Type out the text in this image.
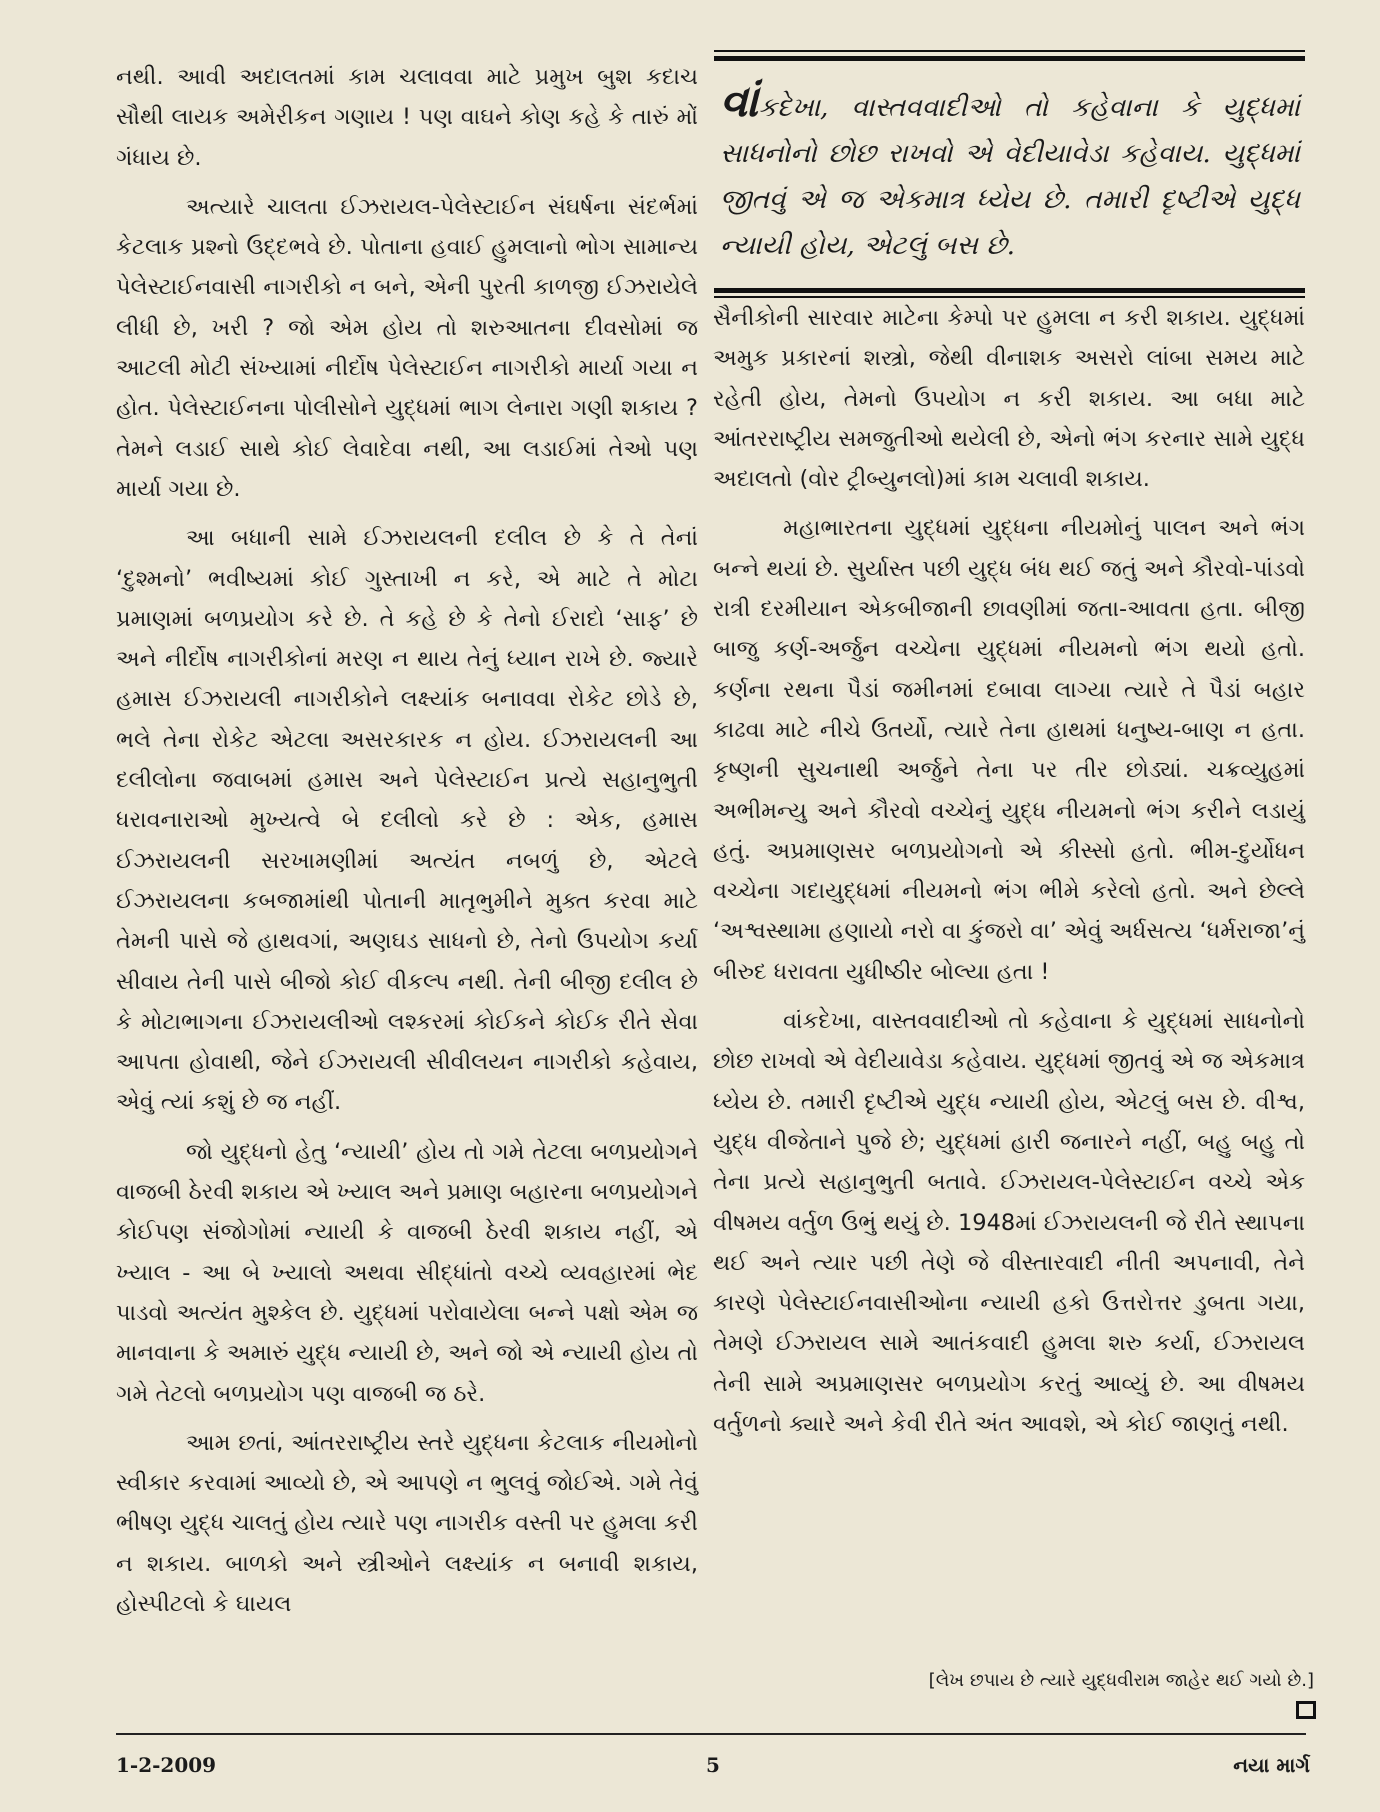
નથી. આવી અદાલતમાં કામ ચલાવવા માટે પ્રમુખ બુશ કદાચ સૌથી લાયક અમેરીકન ગણાય ! પણ વાઘને કોણ કહે કે તારું મોં ગંધાય છે.

અત્યારે ચાલતા ઈઝરાયલ-પેલેસ્ટાઈન સંઘર્ષના સંદર્ભમાં કેટલાક પ્રશ્નો ઉદ્દભવે છે. પોતાના હવાઈ હુમલાનો ભોગ સામાન્ય પેલેસ્ટાઈનવાસી નાગરીકો ન બને, એની પુરતી કાળજી ઈઝરાયેલે લીધી છે, ખરી ? જો એમ હોય તો શરુઆતના દીવસોમાં જ આટલી મોટી સંખ્યામાં નીર્દોષ પેલેસ્ટાઈન નાગરીકો માર્યા ગયા ન હોત. પેલેસ્ટાઈનના પોલીસોને યુદ્ધમાં ભાગ લેનારા ગણી શકાય ? તેમને લડાઈ સાથે કોઈ લેવાદેવા નથી, આ લડાઈમાં તેઓ પણ માર્યા ગયા છે.

આ બધાની સામે ઈઝરાયલની દલીલ છે કે તે તેનાં ‘દુશ્મનો’ ભવીષ્યમાં કોઈ ગુસ્તાખી ન કરે, એ માટે તે મોટા પ્રમાણમાં બળપ્રયોગ કરે છે. તે કહે છે કે તેનો ઈરાદો ‘સાફ’ છે અને નીર્દોષ નાગરીકોનાં મરણ ન થાય તેનું ધ્યાન રાખે છે. જ્યારે હમાસ ઈઝરાયલી નાગરીકોને લક્ષ્યાંક બનાવવા રોકેટ છોડે છે, ભલે તેના રોકેટ એટલા અસરકારક ન હોય. ઈઝરાયલની આ દલીલોના જવાબમાં હમાસ અને પેલેસ્ટાઈન પ્રત્યે સહાનુભુતી ધરાવનારાઓ મુખ્યત્વે બે દલીલો કરે છે : એક, હમાસ ઈઝરાયલની સરખામણીમાં અત્યંત નબળું છે, એટલે ઈઝરાયલના કબજામાંથી પોતાની માતૃભુમીને મુક્ત કરવા માટે તેમની પાસે જે હાથવગાં, અણઘડ સાધનો છે, તેનો ઉપયોગ કર્યા સીવાય તેની પાસે બીજો કોઈ વીકલ્પ નથી. તેની બીજી દલીલ છે કે મોટાભાગના ઈઝરાયલીઓ લશ્કરમાં કોઈકને કોઈક રીતે સેવા આપતા હોવાથી, જેને ઈઝરાયલી સીવીલયન નાગરીકો કહેવાય, એવું ત્યાં કશું છે જ નહીં.

જો યુદ્ધનો હેતુ ‘ન્યાયી’ હોય તો ગમે તેટલા બળપ્રયોગને વાજબી ઠેરવી શકાય એ ખ્યાલ અને પ્રમાણ બહારના બળપ્રયોગને કોઈપણ સંજોગોમાં ન્યાયી કે વાજબી ઠેરવી શકાય નહીં, એ ખ્યાલ - આ બે ખ્યાલો અથવા સીદ્ધાંતો વચ્ચે વ્યવહારમાં ભેદ પાડવો અત્યંત મુશ્કેલ છે. યુદ્ધમાં પરોવાયેલા બન્ને પક્ષો એમ જ માનવાના કે અમારું યુદ્ધ ન્યાયી છે, અને જો એ ન્યાયી હોય તો ગમે તેટલો બળપ્રયોગ પણ વાજબી જ ઠરે.

આમ છતાં, આંતરરાષ્ટ્રીય સ્તરે યુદ્ધના કેટલાક નીયમોનો સ્વીકાર કરવામાં આવ્યો છે, એ આપણે ન ભુલવું જોઈએ. ગમે તેવું ભીષણ યુદ્ધ ચાલતું હોય ત્યારે પણ નાગરીક વસ્તી પર હુમલા કરી ન શકાય. બાળકો અને સ્ત્રીઓને લક્ષ્યાંક ન બનાવી શકાય, હોસ્પીટલો કે ઘાયલ

વાંકદેખા, વાસ્તવવાદીઓ તો કહેવાના કે યુદ્ધમાં સાધનોનો છોછ રાખવો એ વેદીયાવેડા કહેવાય. યુદ્ધમાં જીતવું એ જ એકમાત્ર ધ્યેય છે. તમારી દૃષ્ટીએ યુદ્ધ ન્યાયી હોય, એટલું બસ છે.

સૈનીકોની સારવાર માટેના કેમ્પો પર હુમલા ન કરી શકાય. યુદ્ધમાં અમુક પ્રકારનાં શસ્ત્રો, જેથી વીનાશક અસરો લાંબા સમય માટે રહેતી હોય, તેમનો ઉપયોગ ન કરી શકાય. આ બધા માટે આંતરરાષ્ટ્રીય સમજુતીઓ થયેલી છે, એનો ભંગ કરનાર સામે યુદ્ધ અદાલતો (વોર ટ્રીબ્યુનલો)માં કામ ચલાવી શકાય.

મહાભારતના યુદ્ધમાં યુદ્ધના નીયમોનું પાલન અને ભંગ બન્ને થયાં છે. સુર્યાસ્ત પછી યુદ્ધ બંધ થઈ જતું અને કૌરવો-પાંડવો રાત્રી દરમીયાન એકબીજાની છાવણીમાં જતા-આવતા હતા. બીજી બાજુ કર્ણ-અર્જુન વચ્ચેના યુદ્ધમાં નીયમનો ભંગ થયો હતો. કર્ણના રથના પૈડાં જમીનમાં દબાવા લાગ્યા ત્યારે તે પૈડાં બહાર કાઢવા માટે નીચે ઉતર્યો, ત્યારે તેના હાથમાં ધનુષ્ય-બાણ ન હતા. કૃષ્ણની સુચનાથી અર્જુને તેના પર તીર છોડ્યાં. ચક્રવ્યુહમાં અભીમન્યુ અને કૌરવો વચ્ચેનું યુદ્ધ નીયમનો ભંગ કરીને લડાયું હતું. અપ્રમાણસર બળપ્રયોગનો એ કીસ્સો હતો. ભીમ-દુર્યોધન વચ્ચેના ગદાયુદ્ધમાં નીયમનો ભંગ ભીમે કરેલો હતો. અને છેલ્લે ‘અશ્વસ્થામા હણાયો નરો વા કુંજરો વા’ એવું અર્ધસત્ય ‘ધર્મરાજા’નું બીરુદ ધરાવતા યુધીષ્ઠીર બોલ્યા હતા !

વાંકદેખા, વાસ્તવવાદીઓ તો કહેવાના કે યુદ્ધમાં સાધનોનો છોછ રાખવો એ વેદીયાવેડા કહેવાય. યુદ્ધમાં જીતવું એ જ એકમાત્ર ધ્યેય છે. તમારી દૃષ્ટીએ યુદ્ધ ન્યાયી હોય, એટલું બસ છે. વીશ્વ, યુદ્ધ વીજેતાને પુજે છે; યુદ્ધમાં હારી જનારને નહીં, બહુ બહુ તો તેના પ્રત્યે સહાનુભુતી બતાવે. ઈઝરાયલ-પેલેસ્ટાઈન વચ્ચે એક વીષમય વર્તુળ ઉભું થયું છે. 1948માં ઈઝરાયલની જે રીતે સ્થાપના થઈ અને ત્યાર પછી તેણે જે વીસ્તારવાદી નીતી અપનાવી, તેને કારણે પેલેસ્ટાઈનવાસીઓના ન્યાયી હકો ઉત્તરોત્તર ડુબતા ગયા, તેમણે ઈઝરાયલ સામે આતંકવાદી હુમલા શરુ કર્યા, ઈઝરાયલ તેની સામે અપ્રમાણસર બળપ્રયોગ કરતું આવ્યું છે. આ વીષમય વર્તુળનો ક્યારે અને કેવી રીતે અંત આવશે, એ કોઈ જાણતું નથી.

[લેખ છપાય છે ત્યારે યુદ્ધવીરામ જાહેર થઈ ગયો છે.]
1-2-2009	5	નયા માર્ગ
